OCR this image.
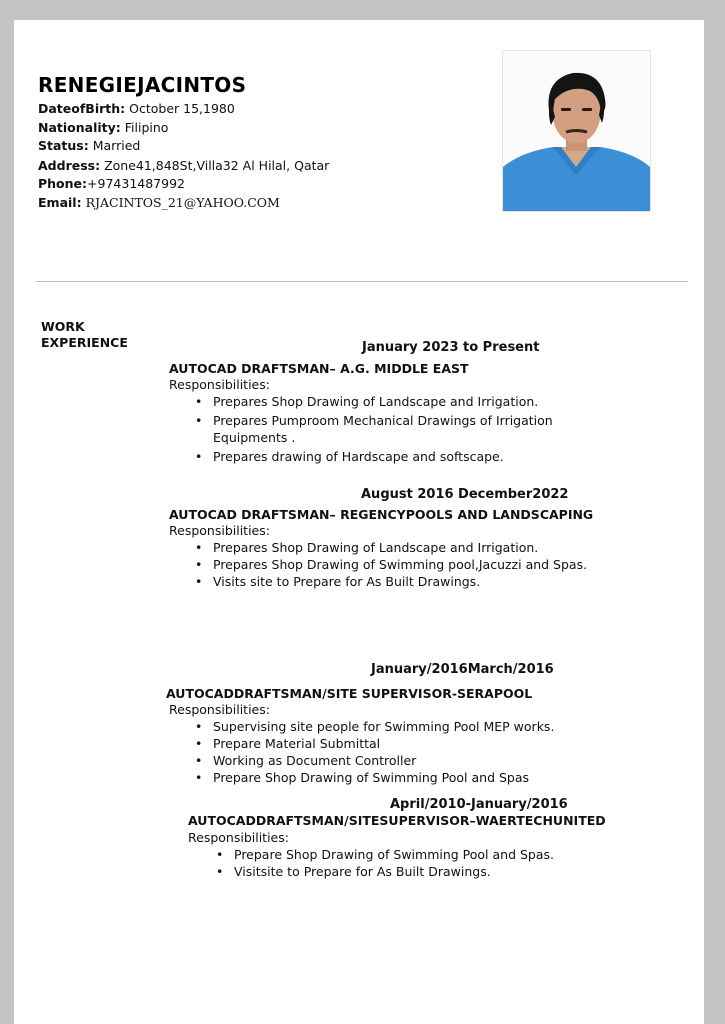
RENEGIEJACINTOS
DateofBirth: October 15,1980
Nationality: Filipino
Status: Married
Address: Zone41,848St,Villa32 Al Hilal, Qatar
Phone:+97431487992
Email: RJACINTOS_21@YAHOO.COM
WORK
EXPERIENCE	January 2023 to Present
AUTOCAD DRAFTSMAN– A.G. MIDDLE EAST
Responsibilities:
• Prepares Shop Drawing of Landscape and Irrigation.
• Prepares Pumproom Mechanical Drawings of Irrigation Equipments .
• Prepares drawing of Hardscape and softscape.
August 2016 December2022
AUTOCAD DRAFTSMAN– REGENCYPOOLS AND LANDSCAPING
Responsibilities:
• Prepares Shop Drawing of Landscape and Irrigation.
• Prepares Shop Drawing of Swimming pool,Jacuzzi and Spas.
• Visits site to Prepare for As Built Drawings.
January/2016March/2016
AUTOCADDRAFTSMAN/SITE SUPERVISOR-SERAPOOL
Responsibilities:
• Supervising site people for Swimming Pool MEP works.
• Prepare Material Submittal
• Working as Document Controller
• Prepare Shop Drawing of Swimming Pool and Spas
April/2010-January/2016
AUTOCADDRAFTSMAN/SITESUPERVISOR–WAERTECHUNITED
Responsibilities:
• Prepare Shop Drawing of Swimming Pool and Spas.
• Visitsite to Prepare for As Built Drawings.
